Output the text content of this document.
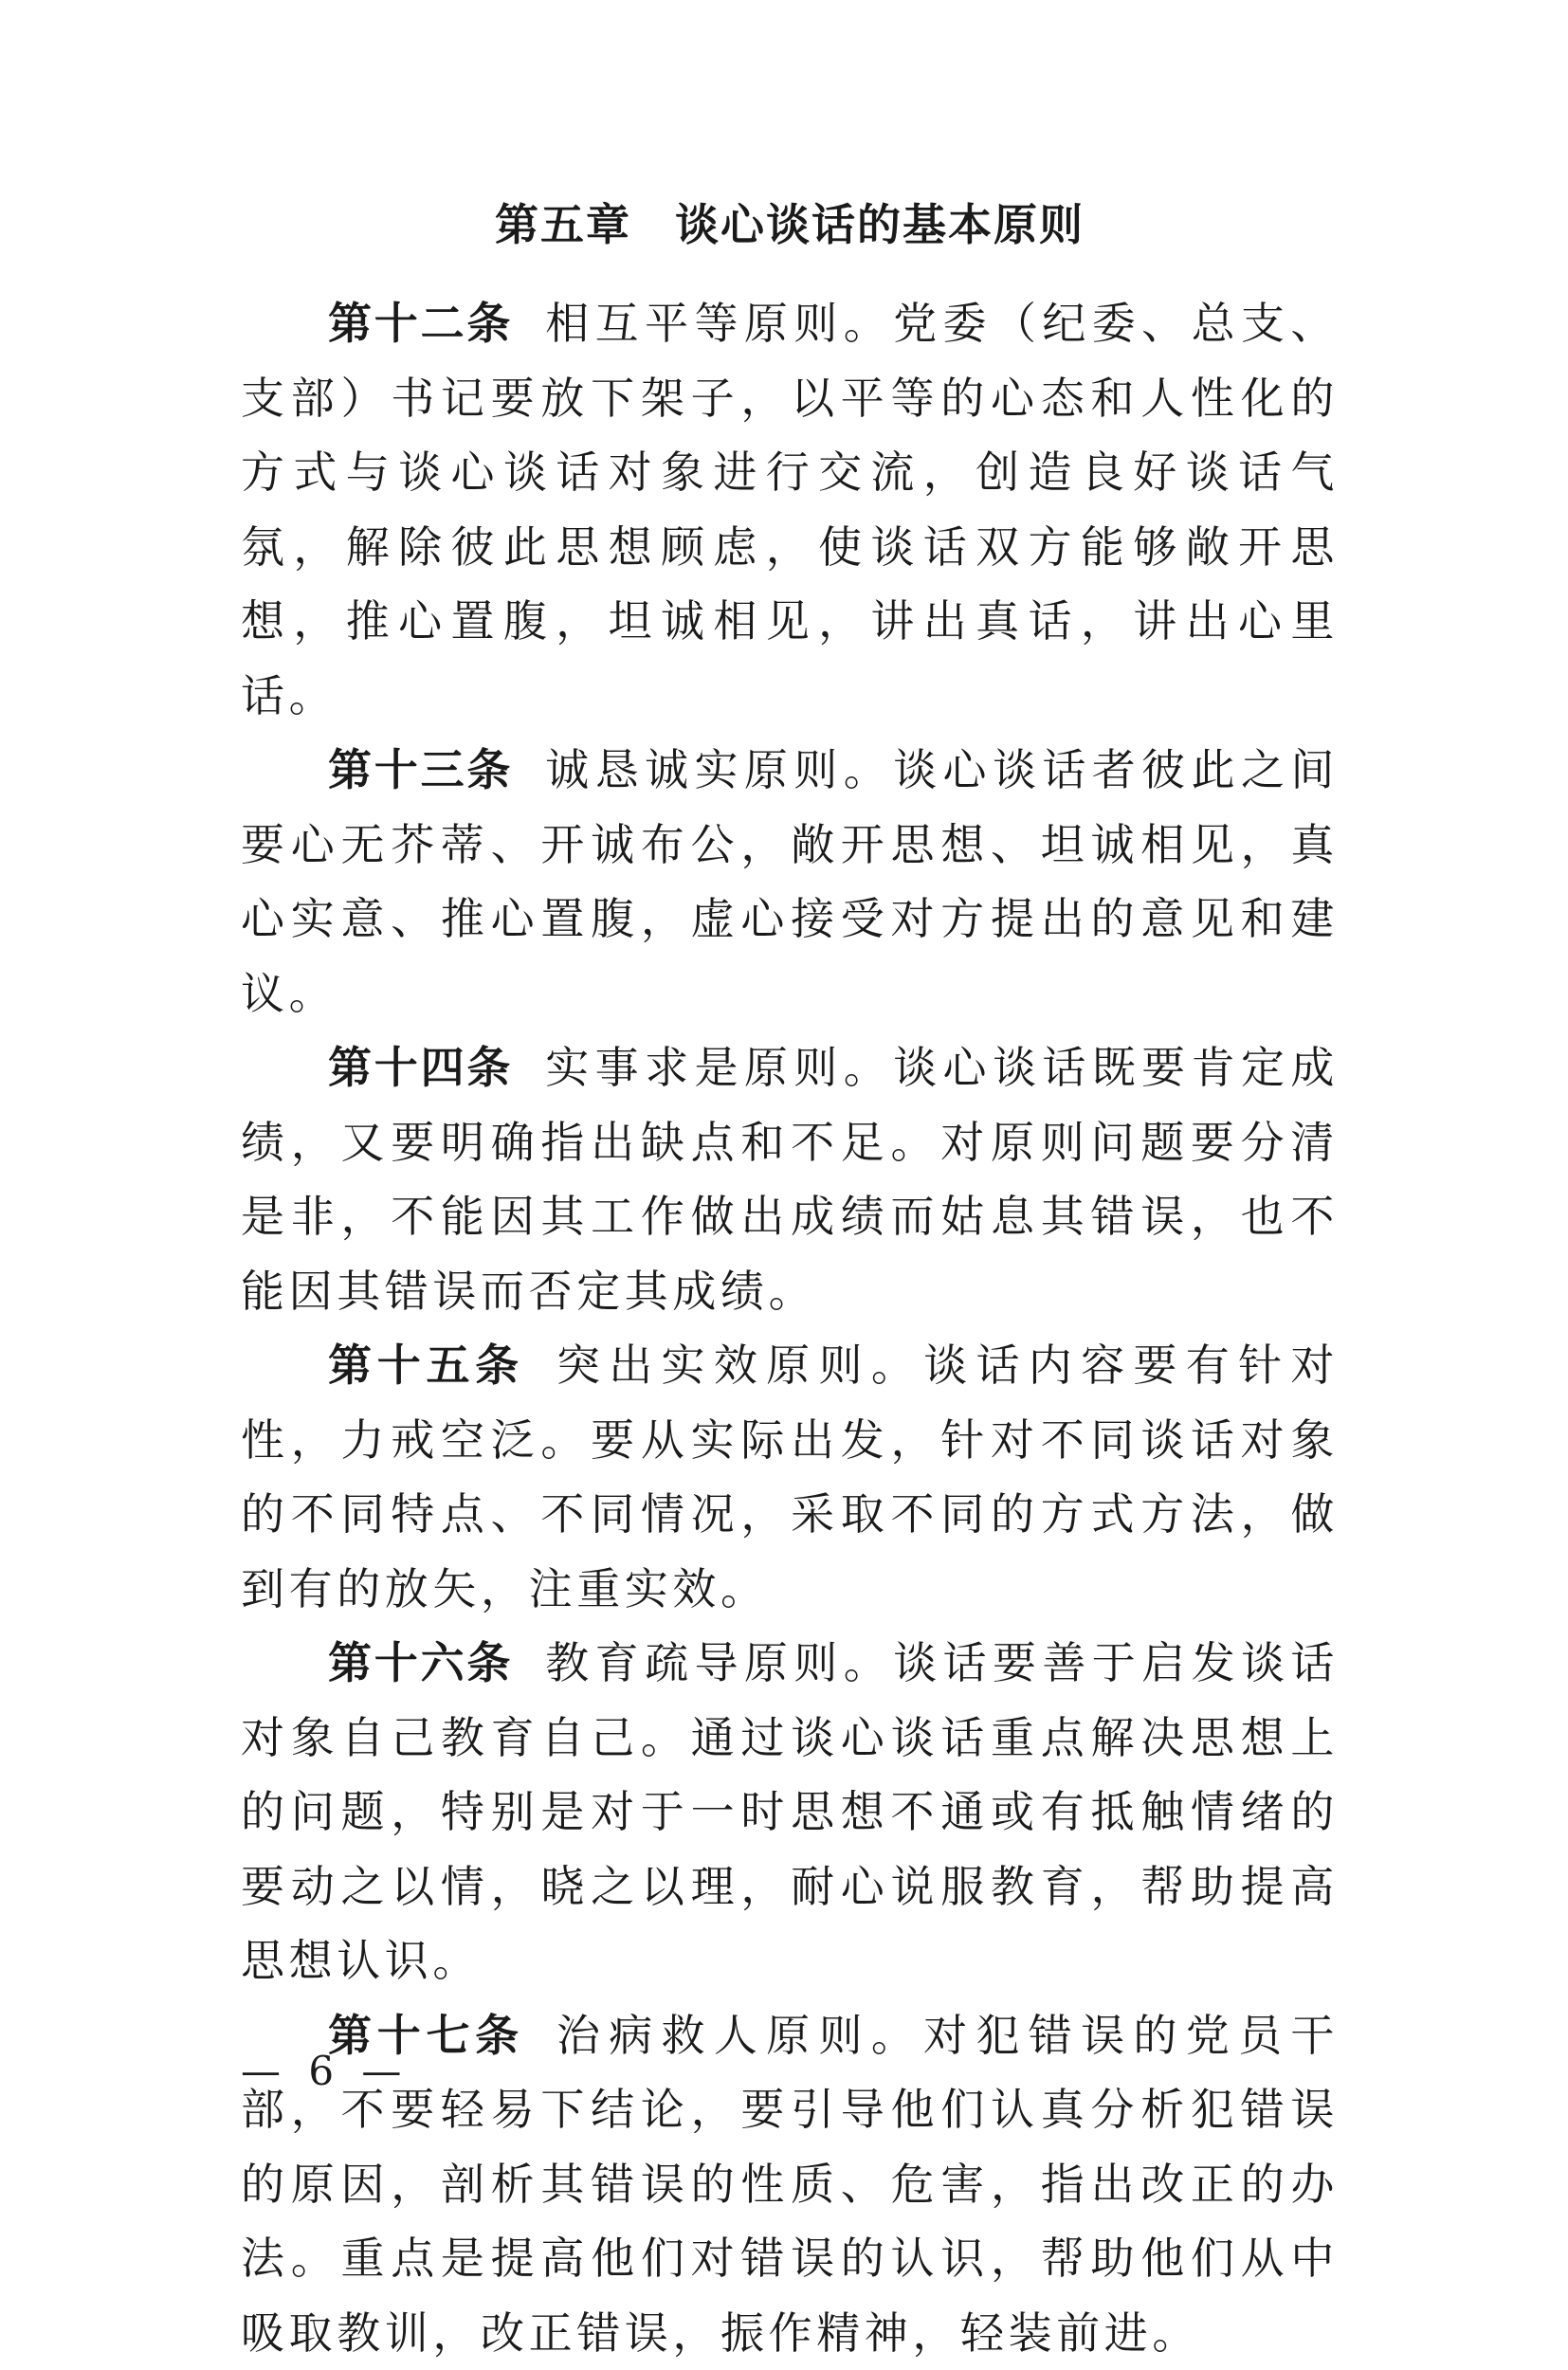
第五章 谈心谈话的基本原则

第十二条 相互平等原则。党委（纪委、总支、支部）书记要放下架子，以平等的心态和人性化的方式与谈心谈话对象进行交流，创造良好谈话气氛，解除彼此思想顾虑，使谈话双方能够敞开思想，推心置腹，坦诚相见，讲出真话，讲出心里话。

第十三条 诚恳诚实原则。谈心谈话者彼此之间要心无芥蒂、开诚布公，敞开思想、坦诚相见，真心实意、推心置腹，虚心接受对方提出的意见和建议。

第十四条 实事求是原则。谈心谈话既要肯定成绩，又要明确指出缺点和不足。对原则问题要分清是非，不能因其工作做出成绩而姑息其错误，也不能因其错误而否定其成绩。

第十五条 突出实效原则。谈话内容要有针对性，力戒空泛。要从实际出发，针对不同谈话对象的不同特点、不同情况，采取不同的方式方法，做到有的放矢，注重实效。

第十六条 教育疏导原则。谈话要善于启发谈话对象自己教育自己。通过谈心谈话重点解决思想上的问题，特别是对于一时思想不通或有抵触情绪的要动之以情，晓之以理，耐心说服教育，帮助提高思想认识。

第十七条 治病救人原则。对犯错误的党员干部，不要轻易下结论，要引导他们认真分析犯错误的原因，剖析其错误的性质、危害，指出改正的办法。重点是提高他们对错误的认识，帮助他们从中吸取教训，改正错误，振作精神，轻装前进。

— 6 —
